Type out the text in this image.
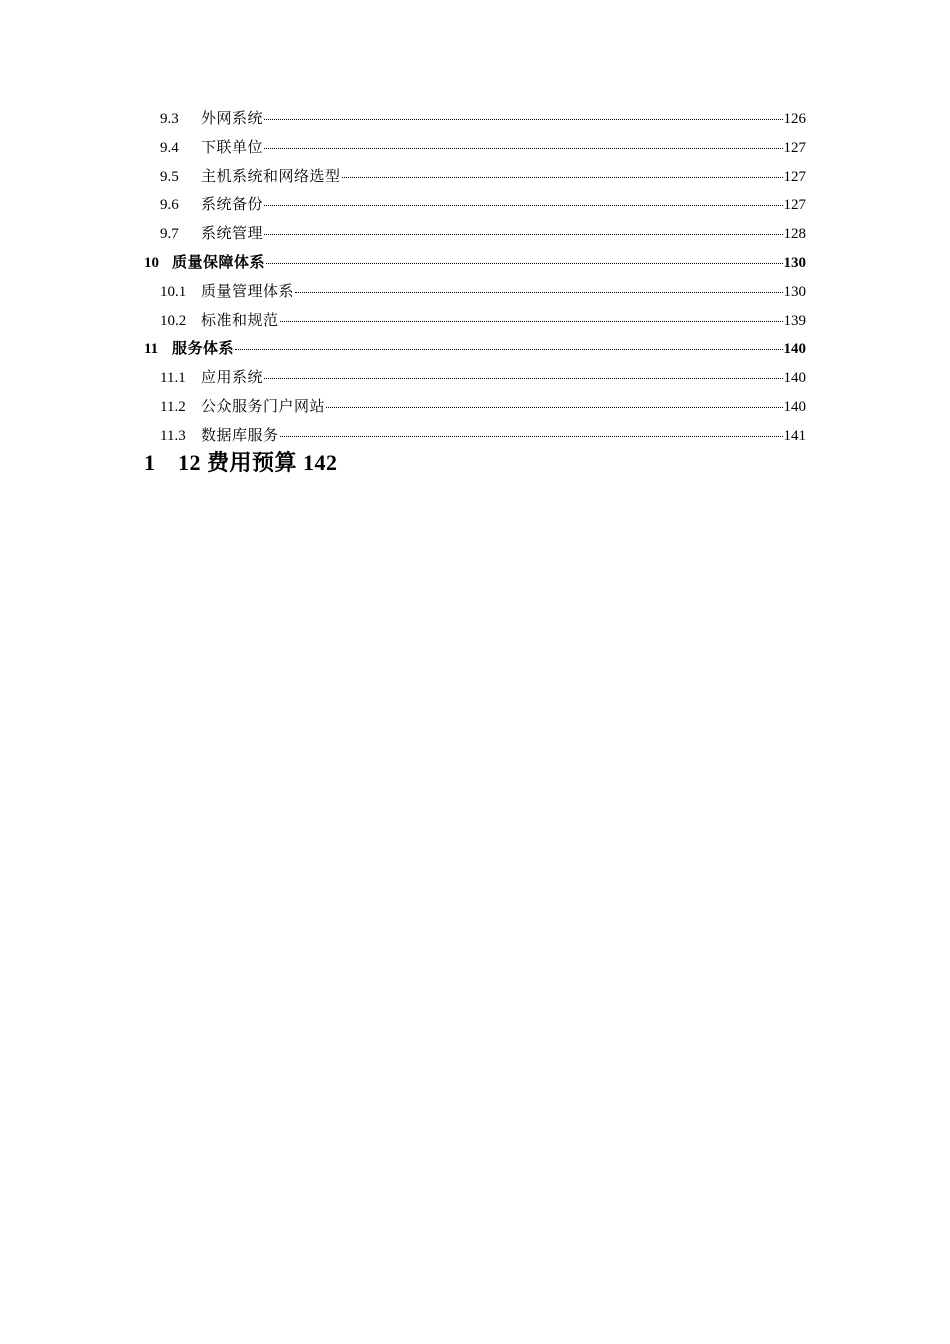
9.3	外网系统	126
9.4	下联单位	127
9.5	主机系统和网络选型	127
9.6	系统备份	127
9.7	系统管理	128
10 质量保障体系	130
10.1 质量管理体系	130
10.2 标准和规范	139
11 服务体系	140
11.1	应用系统	140
11.2	公众服务门户网站	140
11.3	数据库服务	141
1 12 费用预算 142
